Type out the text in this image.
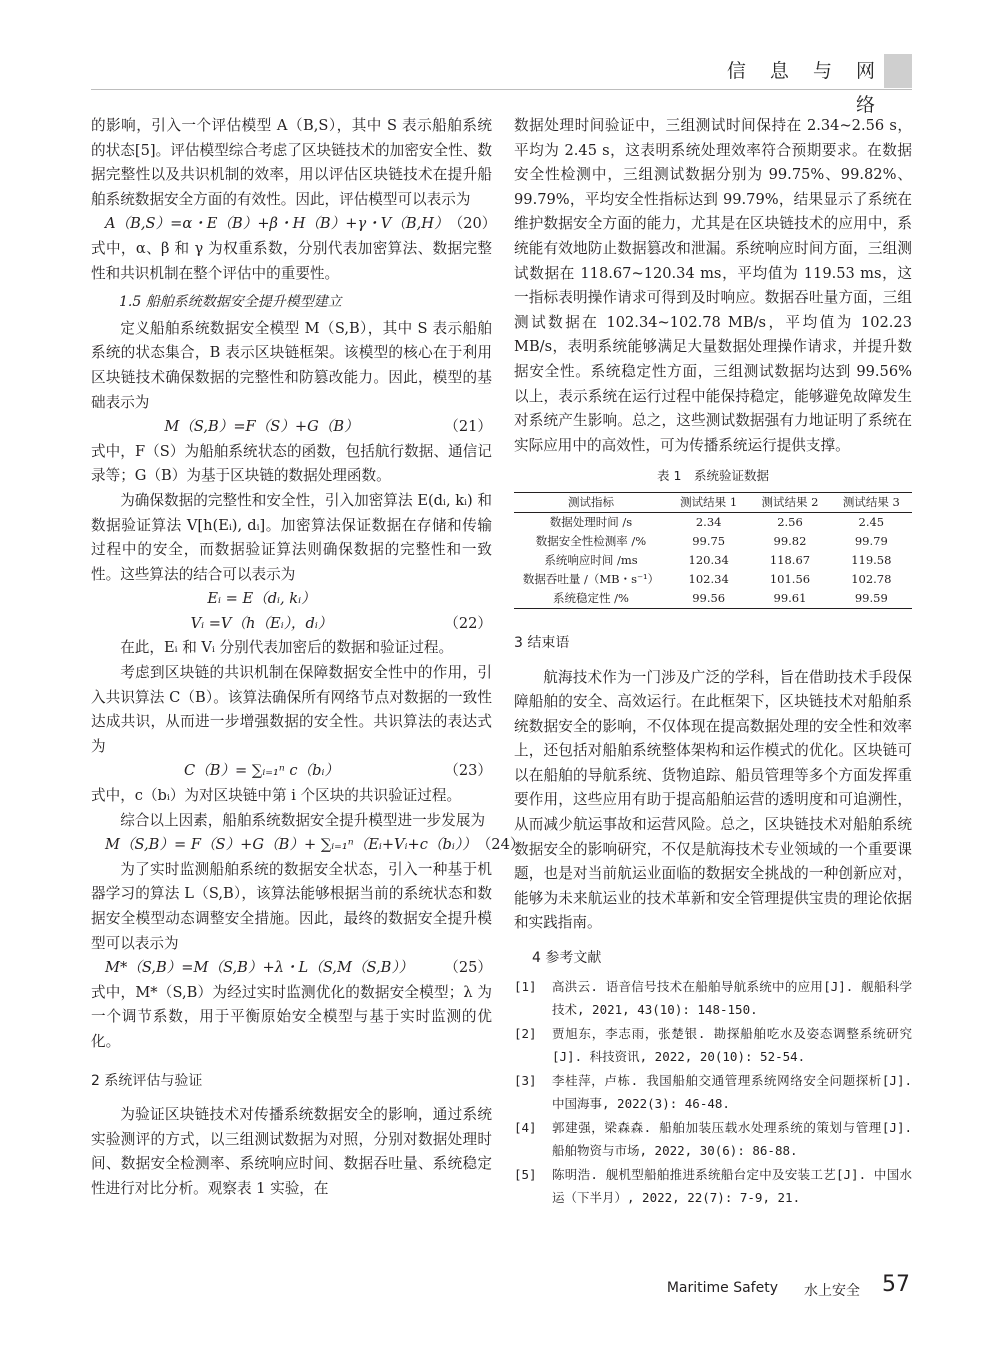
信 息 与 网 络

的影响，引入一个评估模型 A（B,S），其中 S 表示船舶系统的状态[5]。评估模型综合考虑了区块链技术的加密安全性、数据完整性以及共识机制的效率，用以评估区块链技术在提升船舶系统数据安全方面的有效性。因此，评估模型可以表示为

A（B,S）=α・E（B）+β・H（B）+γ・V（B,H） （20）

式中，α、β 和 γ 为权重系数，分别代表加密算法、数据完整性和共识机制在整个评估中的重要性。

1.5 船舶系统数据安全提升模型建立

定义船舶系统数据安全模型 M（S,B），其中 S 表示船舶系统的状态集合，B 表示区块链框架。该模型的核心在于利用区块链技术确保数据的完整性和防篡改能力。因此，模型的基础表示为

M（S,B）=F（S）+G（B）	（21）

式中，F（S）为船舶系统状态的函数，包括航行数据、通信记录等；G（B）为基于区块链的数据处理函数。

为确保数据的完整性和安全性，引入加密算法 E(dᵢ, kᵢ) 和数据验证算法 V[h(Eᵢ), dᵢ]。加密算法保证数据在存储和传输过程中的安全，而数据验证算法则确保数据的完整性和一致性。这些算法的结合可以表示为

Eᵢ = E（dᵢ, kᵢ）
Vᵢ =V（h（Eᵢ），dᵢ）	（22）

在此，Eᵢ 和 Vᵢ 分别代表加密后的数据和验证过程。

考虑到区块链的共识机制在保障数据安全性中的作用，引入共识算法 C（B）。该算法确保所有网络节点对数据的一致性达成共识，从而进一步增强数据的安全性。共识算法的表达式为

C（B）= ∑ᵢ₌₁ⁿ c（bᵢ）	（23）

式中，c（bᵢ）为对区块链中第 i 个区块的共识验证过程。

综合以上因素，船舶系统数据安全提升模型进一步发展为

M（S,B）= F（S）+G（B）+ ∑ᵢ₌₁ⁿ（Eᵢ+Vᵢ+c（bᵢ）） （24）

为了实时监测船舶系统的数据安全状态，引入一种基于机器学习的算法 L（S,B），该算法能够根据当前的系统状态和数据安全模型动态调整安全措施。因此，最终的数据安全提升模型可以表示为

M*（S,B）=M（S,B）+λ・L（S,M（S,B））	（25）

式中，M*（S,B）为经过实时监测优化的数据安全模型；λ 为一个调节系数，用于平衡原始安全模型与基于实时监测的优化。

2 系统评估与验证

为验证区块链技术对传播系统数据安全的影响，通过系统实验测评的方式，以三组测试数据为对照，分别对数据处理时间、数据安全检测率、系统响应时间、数据吞吐量、系统稳定性进行对比分析。观察表 1 实验，在

数据处理时间验证中，三组测试时间保持在 2.34~2.56 s，平均为 2.45 s，这表明系统处理效率符合预期要求。在数据安全性检测中，三组测试数据分别为 99.75%、99.82%、99.79%，平均安全性指标达到 99.79%，结果显示了系统在维护数据安全方面的能力，尤其是在区块链技术的应用中，系统能有效地防止数据篡改和泄漏。系统响应时间方面，三组测试数据在 118.67~120.34 ms，平均值为 119.53 ms，这一指标表明操作请求可得到及时响应。数据吞吐量方面，三组测试数据在 102.34~102.78 MB/s，平均值为 102.23 MB/s，表明系统能够满足大量数据处理操作请求，并提升数据安全性。系统稳定性方面，三组测试数据均达到 99.56% 以上，表示系统在运行过程中能保持稳定，能够避免故障发生对系统产生影响。总之，这些测试数据强有力地证明了系统在实际应用中的高效性，可为传播系统运行提供支撑。

表 1　系统验证数据
测试指标	测试结果 1	测试结果 2	测试结果 3
数据处理时间 /s	2.34	2.56	2.45
数据安全性检测率 /%	99.75	99.82	99.79
系统响应时间 /ms	120.34	118.67	119.58
数据吞吐量 /（MB・s⁻¹）	102.34	101.56	102.78
系统稳定性 /%	99.56	99.61	99.59
3 结束语

航海技术作为一门涉及广泛的学科，旨在借助技术手段保障船舶的安全、高效运行。在此框架下，区块链技术对船舶系统数据安全的影响，不仅体现在提高数据处理的安全性和效率上，还包括对船舶系统整体架构和运作模式的优化。区块链可以在船舶的导航系统、货物追踪、船员管理等多个方面发挥重要作用，这些应用有助于提高船舶运营的透明度和可追溯性，从而减少航运事故和运营风险。总之，区块链技术对船舶系统数据安全的影响研究，不仅是航海技术专业领域的一个重要课题，也是对当前航运业面临的数据安全挑战的一种创新应对，能够为未来航运业的技术革新和安全管理提供宝贵的理论依据和实践指南。

4 参考文献
[1]	高洪云. 语音信号技术在船舶导航系统中的应用[J]. 舰船科学技术, 2021, 43(10): 148-150.
[2]	贾旭东，李志雨，张楚银. 勘探船舶吃水及姿态调整系统研究[J]. 科技资讯, 2022, 20(10): 52-54.
[3]	李桂萍，卢栋. 我国船舶交通管理系统网络安全问题探析[J]. 中国海事, 2022(3): 46-48.
[4]	郭建强，梁森森. 船舶加装压载水处理系统的策划与管理[J]. 船舶物资与市场, 2022, 30(6): 86-88.
[5]	陈明浩. 舰机型船舶推进系统船台定中及安装工艺[J]. 中国水运（下半月）, 2022, 22(7): 7-9, 21.
Maritime Safety 水上安全 57
